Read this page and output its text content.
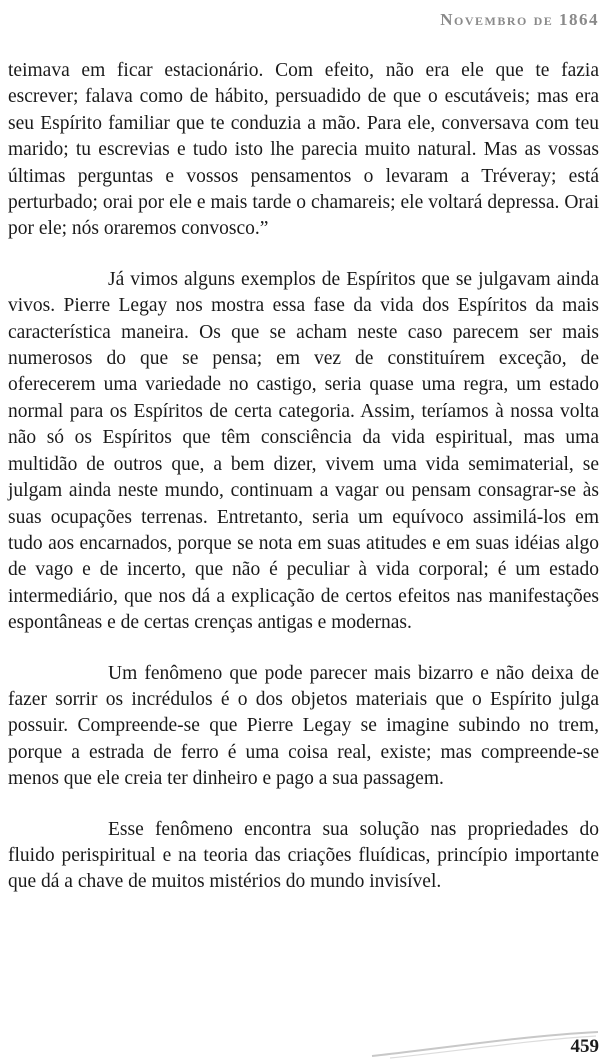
Novembro de 1864

teimava em ficar estacionário. Com efeito, não era ele que te fazia escrever; falava como de hábito, persuadido de que o escutáveis; mas era seu Espírito familiar que te conduzia a mão. Para ele, conversava com teu marido; tu escrevias e tudo isto lhe parecia muito natural. Mas as vossas últimas perguntas e vossos pensamentos o levaram a Tréveray; está perturbado; orai por ele e mais tarde o chamareis; ele voltará depressa. Orai por ele; nós oraremos convosco.”

Já vimos alguns exemplos de Espíritos que se julgavam ainda vivos. Pierre Legay nos mostra essa fase da vida dos Espíritos da mais característica maneira. Os que se acham neste caso parecem ser mais numerosos do que se pensa; em vez de constituírem exceção, de oferecerem uma variedade no castigo, seria quase uma regra, um estado normal para os Espíritos de certa categoria. Assim, teríamos à nossa volta não só os Espíritos que têm consciência da vida espiritual, mas uma multidão de outros que, a bem dizer, vivem uma vida semimaterial, se julgam ainda neste mundo, continuam a vagar ou pensam consagrar-se às suas ocupações terrenas. Entretanto, seria um equívoco assimilá-los em tudo aos encarnados, porque se nota em suas atitudes e em suas idéias algo de vago e de incerto, que não é peculiar à vida corporal; é um estado intermediário, que nos dá a explicação de certos efeitos nas manifestações espontâneas e de certas crenças antigas e modernas.

Um fenômeno que pode parecer mais bizarro e não deixa de fazer sorrir os incrédulos é o dos objetos materiais que o Espírito julga possuir. Compreende-se que Pierre Legay se imagine subindo no trem, porque a estrada de ferro é uma coisa real, existe; mas compreende-se menos que ele creia ter dinheiro e pago a sua passagem.

Esse fenômeno encontra sua solução nas propriedades do fluido perispiritual e na teoria das criações fluídicas, princípio importante que dá a chave de muitos mistérios do mundo invisível.

459
